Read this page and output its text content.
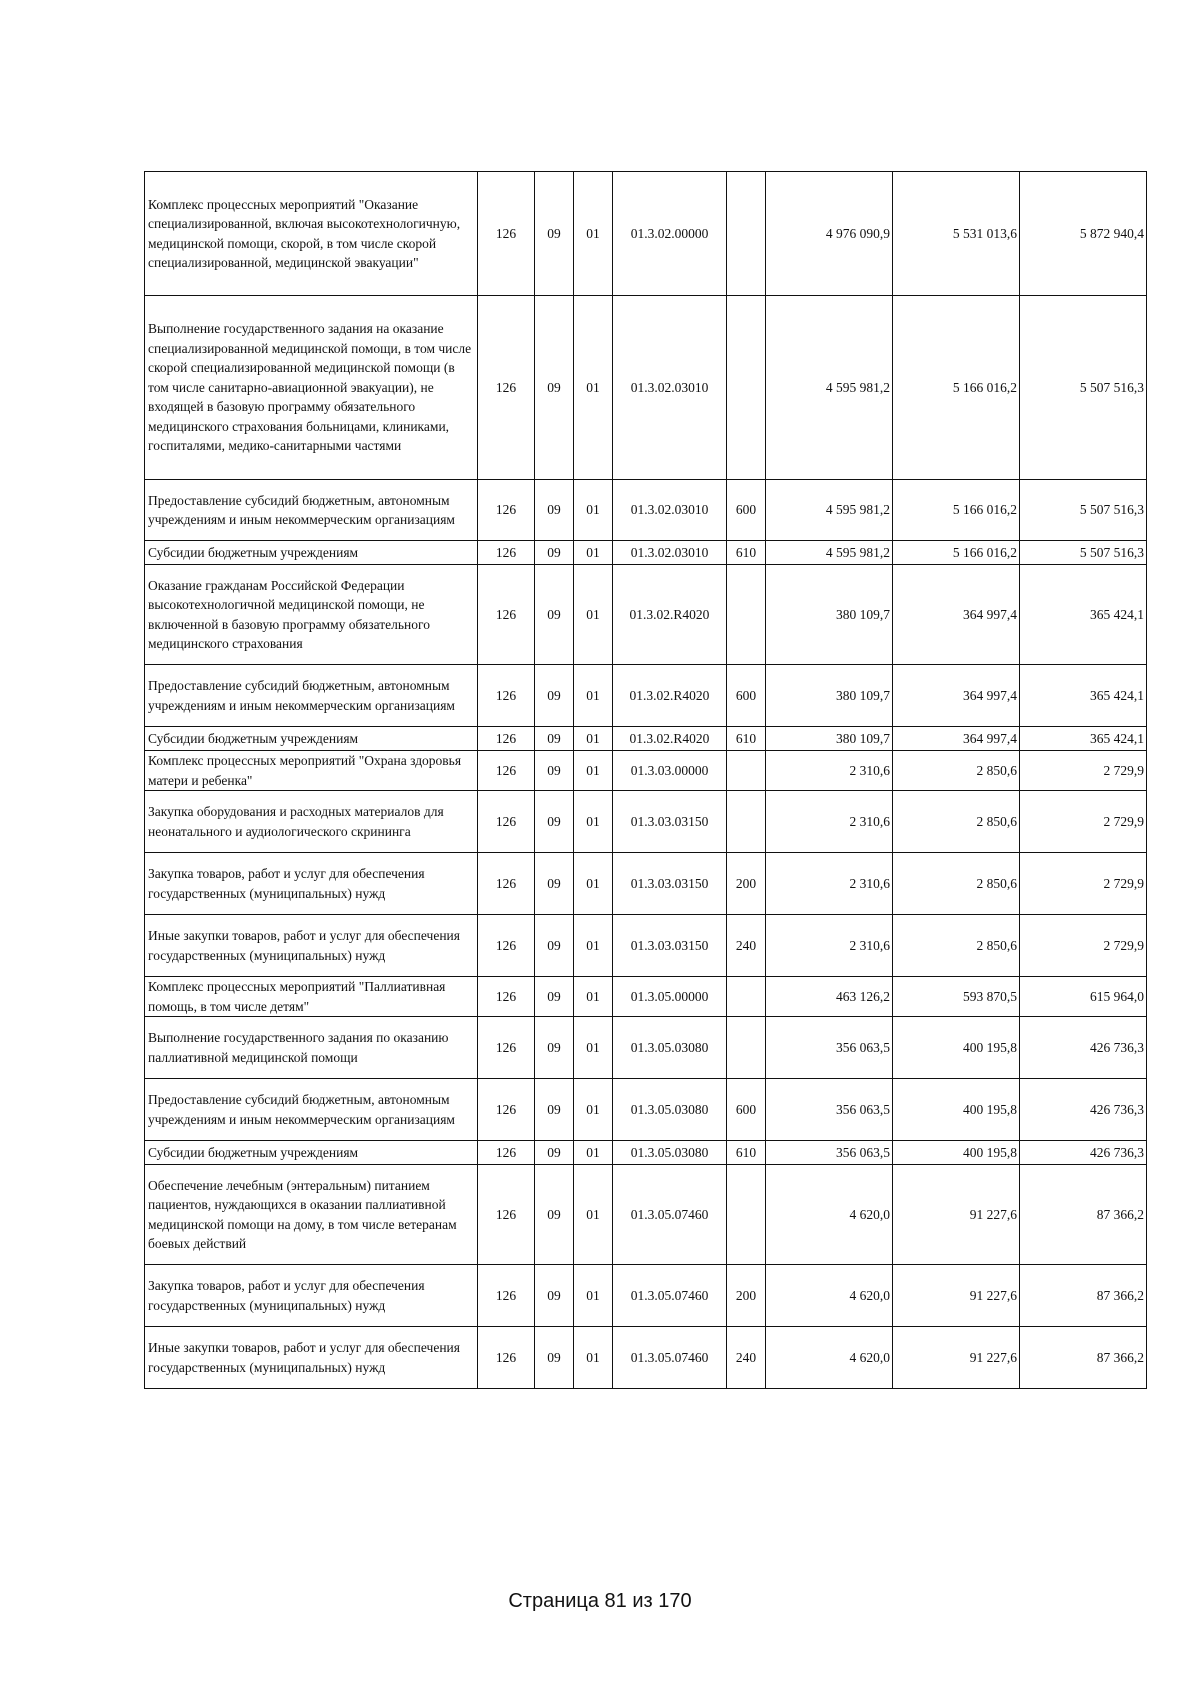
Комплекс процессных мероприятий "Оказание специализированной, включая высокотехнологичную, медицинской помощи, скорой, в том числе скорой специализированной, медицинской эвакуации"	126	09	01	01.3.02.00000		4 976 090,9	5 531 013,6	5 872 940,4
Выполнение государственного задания на оказание специализированной медицинской помощи, в том числе скорой специализированной медицинской помощи (в том числе санитарно-авиационной эвакуации), не входящей в базовую программу обязательного медицинского страхования больницами, клиниками, госпиталями, медико-санитарными частями	126	09	01	01.3.02.03010		4 595 981,2	5 166 016,2	5 507 516,3
Предоставление субсидий бюджетным, автономным учреждениям и иным некоммерческим организациям	126	09	01	01.3.02.03010	600	4 595 981,2	5 166 016,2	5 507 516,3
Субсидии бюджетным учреждениям	126	09	01	01.3.02.03010	610	4 595 981,2	5 166 016,2	5 507 516,3
Оказание гражданам Российской Федерации высокотехнологичной медицинской помощи, не включенной в базовую программу обязательного медицинского страхования	126	09	01	01.3.02.R4020		380 109,7	364 997,4	365 424,1
Предоставление субсидий бюджетным, автономным учреждениям и иным некоммерческим организациям	126	09	01	01.3.02.R4020	600	380 109,7	364 997,4	365 424,1
Субсидии бюджетным учреждениям	126	09	01	01.3.02.R4020	610	380 109,7	364 997,4	365 424,1
Комплекс процессных мероприятий "Охрана здоровья матери и ребенка"	126	09	01	01.3.03.00000		2 310,6	2 850,6	2 729,9
Закупка оборудования и расходных материалов для неонатального и аудиологического скрининга	126	09	01	01.3.03.03150		2 310,6	2 850,6	2 729,9
Закупка товаров, работ и услуг для обеспечения государственных (муниципальных) нужд	126	09	01	01.3.03.03150	200	2 310,6	2 850,6	2 729,9
Иные закупки товаров, работ и услуг для обеспечения государственных (муниципальных) нужд	126	09	01	01.3.03.03150	240	2 310,6	2 850,6	2 729,9
Комплекс процессных мероприятий "Паллиативная помощь, в том числе детям"	126	09	01	01.3.05.00000		463 126,2	593 870,5	615 964,0
Выполнение государственного задания по оказанию паллиативной медицинской помощи	126	09	01	01.3.05.03080		356 063,5	400 195,8	426 736,3
Предоставление субсидий бюджетным, автономным учреждениям и иным некоммерческим организациям	126	09	01	01.3.05.03080	600	356 063,5	400 195,8	426 736,3
Субсидии бюджетным учреждениям	126	09	01	01.3.05.03080	610	356 063,5	400 195,8	426 736,3
Обеспечение лечебным (энтеральным) питанием пациентов, нуждающихся в оказании паллиативной медицинской помощи на дому, в том числе ветеранам боевых действий	126	09	01	01.3.05.07460		4 620,0	91 227,6	87 366,2
Закупка товаров, работ и услуг для обеспечения государственных (муниципальных) нужд	126	09	01	01.3.05.07460	200	4 620,0	91 227,6	87 366,2
Иные закупки товаров, работ и услуг для обеспечения государственных (муниципальных) нужд	126	09	01	01.3.05.07460	240	4 620,0	91 227,6	87 366,2
Страница 81 из 170
